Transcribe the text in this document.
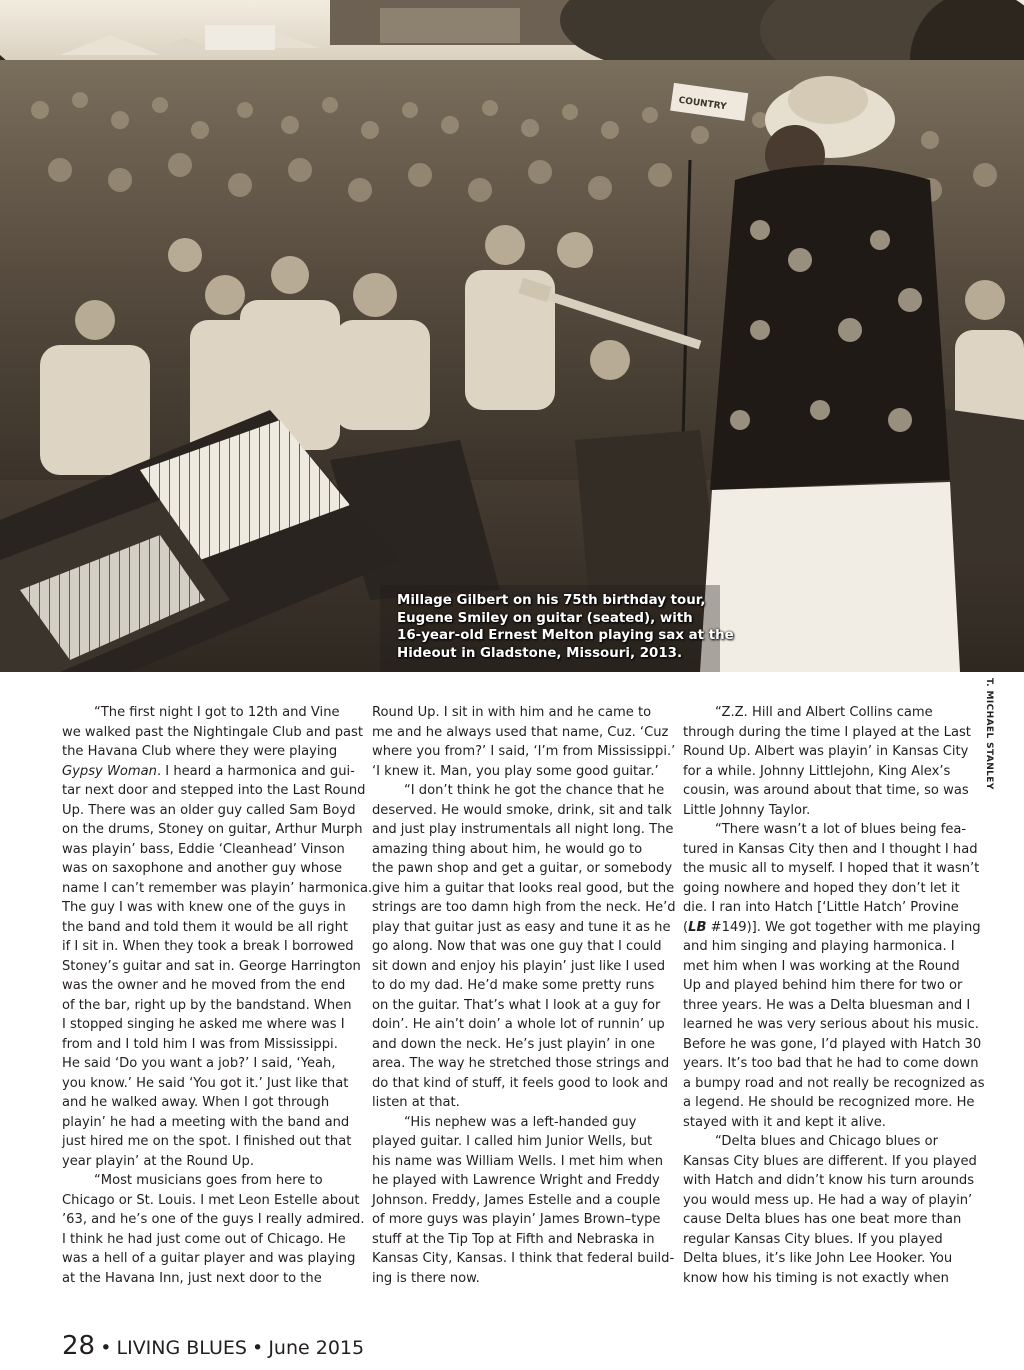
COUNTRY
Millage Gilbert on his 75th birthday tour,
Eugene Smiley on guitar (seated), with
16-year-old Ernest Melton playing sax at the
Hideout in Gladstone, Missouri, 2013.
T. MICHAEL STANLEY
“The first night I got to 12th and Vine
we walked past the Nightingale Club and past
the Havana Club where they were playing
Gypsy Woman. I heard a harmonica and gui-
tar next door and stepped into the Last Round
Up. There was an older guy called Sam Boyd
on the drums, Stoney on guitar, Arthur Murph
was playin’ bass, Eddie ‘Cleanhead’ Vinson
was on saxophone and another guy whose
name I can’t remember was playin’ harmonica.
The guy I was with knew one of the guys in
the band and told them it would be all right
if I sit in. When they took a break I borrowed
Stoney’s guitar and sat in. George Harrington
was the owner and he moved from the end
of the bar, right up by the bandstand. When
I stopped singing he asked me where was I
from and I told him I was from Mississippi.
He said ‘Do you want a job?’ I said, ‘Yeah,
you know.’ He said ‘You got it.’ Just like that
and he walked away. When I got through
playin’ he had a meeting with the band and
just hired me on the spot. I finished out that
year playin’ at the Round Up.
“Most musicians goes from here to
Chicago or St. Louis. I met Leon Estelle about
’63, and he’s one of the guys I really admired.
I think he had just come out of Chicago. He
was a hell of a guitar player and was playing
at the Havana Inn, just next door to the
Round Up. I sit in with him and he came to
me and he always used that name, Cuz. ‘Cuz
where you from?’ I said, ‘I’m from Mississippi.’
‘I knew it. Man, you play some good guitar.’
“I don’t think he got the chance that he
deserved. He would smoke, drink, sit and talk
and just play instrumentals all night long. The
amazing thing about him, he would go to
the pawn shop and get a guitar, or somebody
give him a guitar that looks real good, but the
strings are too damn high from the neck. He’d
play that guitar just as easy and tune it as he
go along. Now that was one guy that I could
sit down and enjoy his playin’ just like I used
to do my dad. He’d make some pretty runs
on the guitar. That’s what I look at a guy for
doin’. He ain’t doin’ a whole lot of runnin’ up
and down the neck. He’s just playin’ in one
area. The way he stretched those strings and
do that kind of stuff, it feels good to look and
listen at that.
“His nephew was a left-handed guy
played guitar. I called him Junior Wells, but
his name was William Wells. I met him when
he played with Lawrence Wright and Freddy
Johnson. Freddy, James Estelle and a couple
of more guys was playin’ James Brown–type
stuff at the Tip Top at Fifth and Nebraska in
Kansas City, Kansas. I think that federal build-
ing is there now.
“Z.Z. Hill and Albert Collins came
through during the time I played at the Last
Round Up. Albert was playin’ in Kansas City
for a while. Johnny Littlejohn, King Alex’s
cousin, was around about that time, so was
Little Johnny Taylor.
“There wasn’t a lot of blues being fea-
tured in Kansas City then and I thought I had
the music all to myself. I hoped that it wasn’t
going nowhere and hoped they don’t let it
die. I ran into Hatch [‘Little Hatch’ Provine
(LB #149)]. We got together with me playing
and him singing and playing harmonica. I
met him when I was working at the Round
Up and played behind him there for two or
three years. He was a Delta bluesman and I
learned he was very serious about his music.
Before he was gone, I’d played with Hatch 30
years. It’s too bad that he had to come down
a bumpy road and not really be recognized as
a legend. He should be recognized more. He
stayed with it and kept it alive.
“Delta blues and Chicago blues or
Kansas City blues are different. If you played
with Hatch and didn’t know his turn arounds
you would mess up. He had a way of playin’
cause Delta blues has one beat more than
regular Kansas City blues. If you played
Delta blues, it’s like John Lee Hooker. You
know how his timing is not exactly when
28 • LIVING BLUES • June 2015
